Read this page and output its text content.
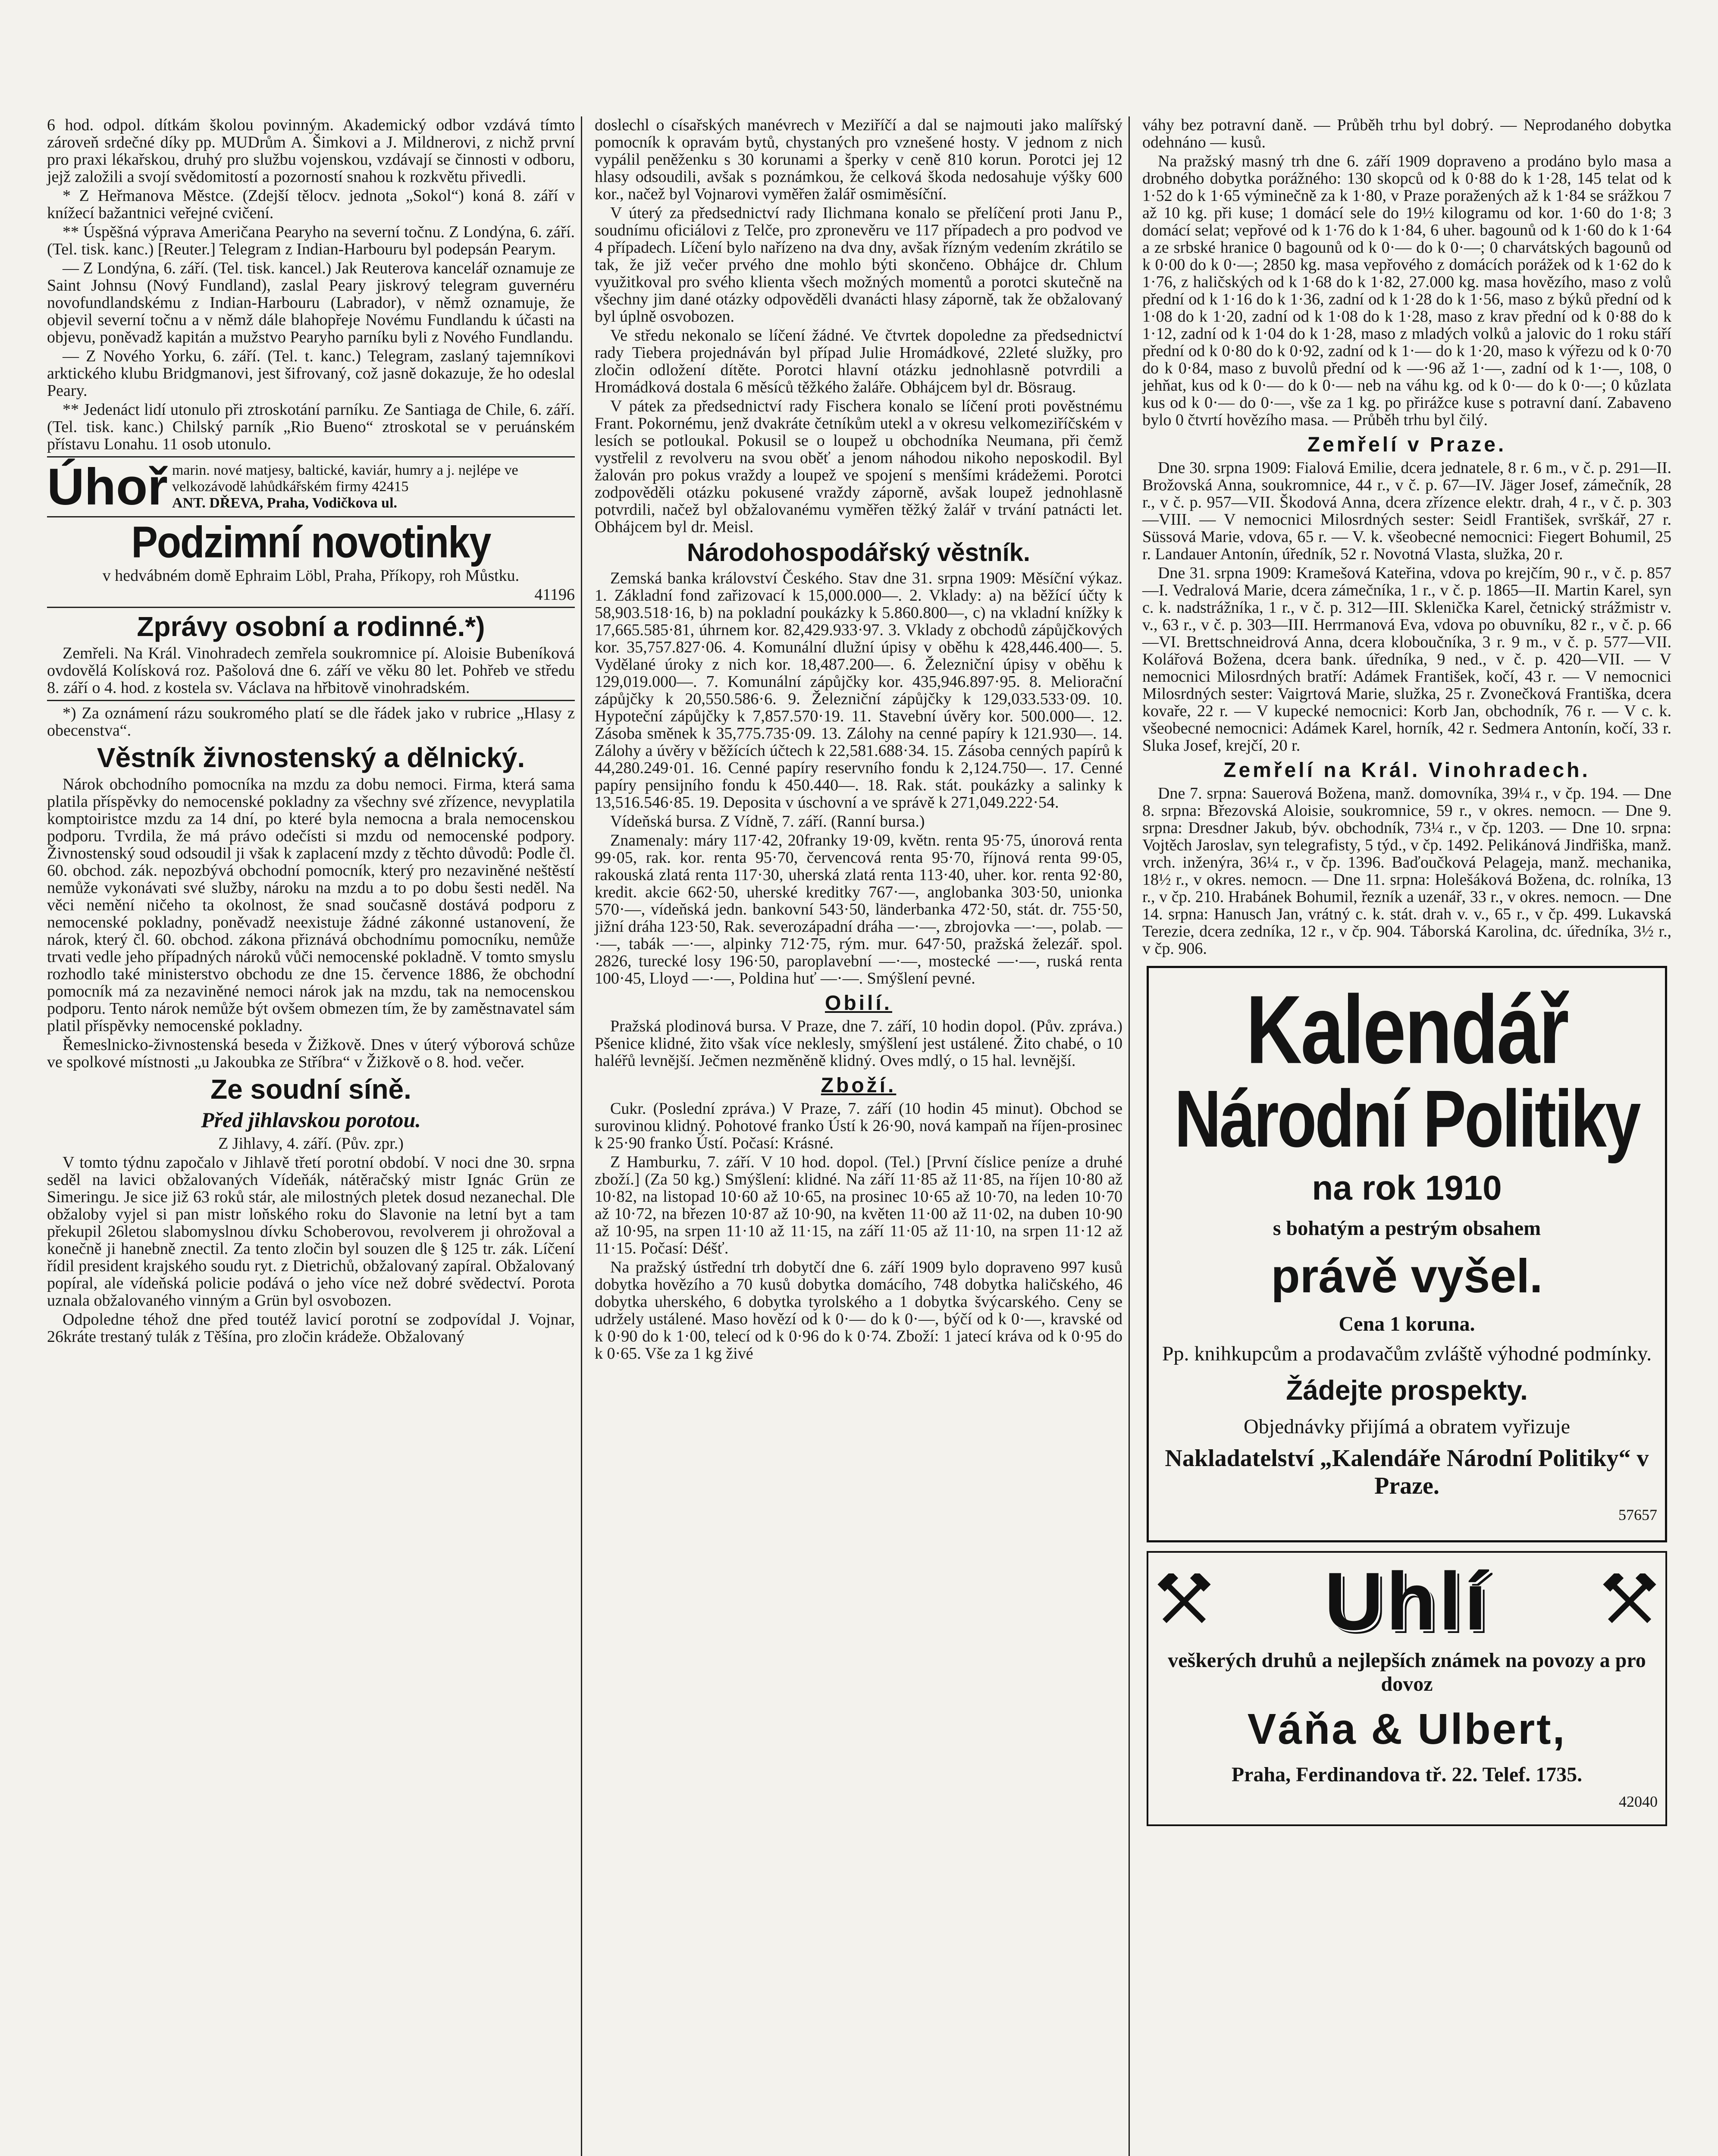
6 hod. odpol. dítkám školou povinným. Akademický odbor vzdává tímto zároveň srdečné díky pp. MUDrům A. Šimkovi a J. Mildnerovi, z nichž první pro praxi lékařskou, druhý pro službu vojenskou, vzdávají se činnosti v odboru, jejž založili a svojí svědomitostí a pozorností snahou k rozkvětu přivedli.

* Z Heřmanova Městce. (Zdejší tělocv. jednota „Sokol“) koná 8. září v knížecí bažantnici veřejné cvičení.

** Úspěšná výprava Američana Pearyho na severní točnu. Z Londýna, 6. září. (Tel. tisk. kanc.) [Reuter.] Telegram z Indian-Harbouru byl podepsán Pearym.

— Z Londýna, 6. září. (Tel. tisk. kancel.) Jak Reuterova kancelář oznamuje ze Saint Johnsu (Nový Fundland), zaslal Peary jiskrový telegram guvernéru novofundlandskému z Indian-Harbouru (Labrador), v němž oznamuje, že objevil severní točnu a v němž dále blahopřeje Novému Fundlandu k účasti na objevu, poněvadž kapitán a mužstvo Pearyho parníku byli z Nového Fundlandu.

— Z Nového Yorku, 6. září. (Tel. t. kanc.) Telegram, zaslaný tajemníkovi arktického klubu Bridgmanovi, jest šifrovaný, což jasně dokazuje, že ho odeslal Peary.

** Jedenáct lidí utonulo při ztroskotání parníku. Ze Santiaga de Chile, 6. září. (Tel. tisk. kanc.) Chilský parník „Rio Bueno“ ztroskotal se v peruánském přístavu Lonahu. 11 osob utonulo.

Úhoř marin. nové matjesy, baltické, kaviár, humry a j. nejlépe ve velkozávodě lahůdkářském firmy 42415
ANT. DŘEVA, Praha, Vodičkova ul.
Podzimní novotinky

v hedvábném domě Ephraim Löbl, Praha, Příkopy, roh Můstku.

41196

Zprávy osobní a rodinné.*)

Zemřeli. Na Král. Vinohradech zemřela soukromnice pí. Aloisie Bubeníková ovdovělá Kolísková roz. Pašolová dne 6. září ve věku 80 let. Pohřeb ve středu 8. září o 4. hod. z kostela sv. Václava na hřbitově vinohradském.

*) Za oznámení rázu soukromého platí se dle řádek jako v rubrice „Hlasy z obecenstva“.

Věstník živnostenský a dělnický.

Nárok obchodního pomocníka na mzdu za dobu nemoci. Firma, která sama platila příspěvky do nemocenské pokladny za všechny své zřízence, nevyplatila komptoiristce mzdu za 14 dní, po které byla nemocna a brala nemocenskou podporu. Tvrdila, že má právo odečísti si mzdu od nemocenské podpory. Živnostenský soud odsoudil ji však k zaplacení mzdy z těchto důvodů: Podle čl. 60. obchod. zák. nepozbývá obchodní pomocník, který pro nezaviněné neštěstí nemůže vykonávati své služby, nároku na mzdu a to po dobu šesti neděl. Na věci nemění ničeho ta okolnost, že snad současně dostává podporu z nemocenské pokladny, poněvadž neexistuje žádné zákonné ustanovení, že nárok, který čl. 60. obchod. zákona přiznává obchodnímu pomocníku, nemůže trvati vedle jeho případných nároků vůči nemocenské pokladně. V tomto smyslu rozhodlo také ministerstvo obchodu ze dne 15. července 1886, že obchodní pomocník má za nezaviněné nemoci nárok jak na mzdu, tak na nemocenskou podporu. Tento nárok nemůže být ovšem obmezen tím, že by zaměstnavatel sám platil příspěvky nemocenské pokladny.

Řemeslnicko-živnostenská beseda v Žižkově. Dnes v úterý výborová schůze ve spolkové místnosti „u Jakoubka ze Stříbra“ v Žižkově o 8. hod. večer.

Ze soudní síně.
Před jihlavskou porotou.

Z Jihlavy, 4. září. (Pův. zpr.)

V tomto týdnu započalo v Jihlavě třetí porotní období. V noci dne 30. srpna seděl na lavici obžalovaných Vídeňák, nátěračský mistr Ignác Grün ze Simeringu. Je sice již 63 roků stár, ale milostných pletek dosud nezanechal. Dle obžaloby vyjel si pan mistr loňského roku do Slavonie na letní byt a tam překupil 26letou slabomyslnou dívku Schoberovou, revolverem ji ohrožoval a konečně ji hanebně znectil. Za tento zločin byl souzen dle § 125 tr. zák. Líčení řídil president krajského soudu ryt. z Dietrichů, obžalovaný zapíral. Obžalovaný popíral, ale vídeňská policie podává o jeho více než dobré svědectví. Porota uznala obžalovaného vinným a Grün byl osvobozen.

Odpoledne téhož dne před toutéž lavicí porotní se zodpovídal J. Vojnar, 26kráte trestaný tulák z Těšína, pro zločin krádeže. Obžalovaný

doslechl o císařských manévrech v Meziříčí a dal se najmouti jako malířský pomocník k opravám bytů, chystaných pro vznešené hosty. V jednom z nich vypálil peněženku s 30 korunami a šperky v ceně 810 korun. Porotci jej 12 hlasy odsoudili, avšak s poznámkou, že celková škoda nedosahuje výšky 600 kor., načež byl Vojnarovi vyměřen žalář osmiměsíční.

V úterý za předsednictví rady Ilichmana konalo se přelíčení proti Janu P., soudnímu oficiálovi z Telče, pro zpronevěru ve 117 případech a pro podvod ve 4 případech. Líčení bylo nařízeno na dva dny, avšak řízným vedením zkrátilo se tak, že již večer prvého dne mohlo býti skončeno. Obhájce dr. Chlum využitkoval pro svého klienta všech možných momentů a porotci skutečně na všechny jim dané otázky odpověděli dvanácti hlasy záporně, tak že obžalovaný byl úplně osvobozen.

Ve středu nekonalo se líčení žádné. Ve čtvrtek dopoledne za předsednictví rady Tiebera projednáván byl případ Julie Hromádkové, 22leté služky, pro zločin odložení dítěte. Porotci hlavní otázku jednohlasně potvrdili a Hromádková dostala 6 měsíců těžkého žaláře. Obhájcem byl dr. Bösraug.

V pátek za předsednictví rady Fischera konalo se líčení proti pověstnému Frant. Pokornému, jenž dvakráte četníkům utekl a v okresu velkomeziříčském v lesích se potloukal. Pokusil se o loupež u obchodníka Neumana, při čemž vystřelil z revolveru na svou oběť a jenom náhodou nikoho neposkodil. Byl žalován pro pokus vraždy a loupež ve spojení s menšími krádežemi. Porotci zodpověděli otázku pokusené vraždy záporně, avšak loupež jednohlasně potvrdili, načež byl obžalovanému vyměřen těžký žalář v trvání patnácti let. Obhájcem byl dr. Meisl.

Národohospodářský věstník.

Zemská banka království Českého. Stav dne 31. srpna 1909: Měsíční výkaz. 1. Základní fond zařizovací k 15,000.000—. 2. Vklady: a) na běžící účty k 58,903.518·16, b) na pokladní poukázky k 5.860.800—, c) na vkladní knížky k 17,665.585·81, úhrnem kor. 82,429.933·97. 3. Vklady z obchodů zápůjčkových kor. 35,757.827·06. 4. Komunální dlužní úpisy v oběhu k 428,446.400—. 5. Vydělané úroky z nich kor. 18,487.200—. 6. Železniční úpisy v oběhu k 129,019.000—. 7. Komunální zápůjčky kor. 435,946.897·95. 8. Meliorační zápůjčky k 20,550.586·6. 9. Železniční zápůjčky k 129,033.533·09. 10. Hypoteční zápůjčky k 7,857.570·19. 11. Stavební úvěry kor. 500.000—. 12. Zásoba směnek k 35,775.735·09. 13. Zálohy na cenné papíry k 121.930—. 14. Zálohy a úvěry v běžících účtech k 22,581.688·34. 15. Zásoba cenných papírů k 44,280.249·01. 16. Cenné papíry reservního fondu k 2,124.750—. 17. Cenné papíry pensijního fondu k 450.440—. 18. Rak. stát. poukázky a salinky k 13,516.546·85. 19. Deposita v úschovní a ve správě k 271,049.222·54.

Vídeňská bursa. Z Vídně, 7. září. (Ranní bursa.)

Znamenaly: máry 117·42, 20franky 19·09, květn. renta 95·75, únorová renta 99·05, rak. kor. renta 95·70, červencová renta 95·70, říjnová renta 99·05, rakouská zlatá renta 117·30, uherská zlatá renta 113·40, uher. kor. renta 92·80, kredit. akcie 662·50, uherské kreditky 767·—, anglobanka 303·50, unionka 570·—, vídeňská jedn. bankovní 543·50, länderbanka 472·50, stát. dr. 755·50, jižní dráha 123·50, Rak. severozápadní dráha —·—, zbrojovka —·—, polab. —·—, tabák —·—, alpinky 712·75, rým. mur. 647·50, pražská železář. spol. 2826, turecké losy 196·50, paroplavební —·—, mostecké —·—, ruská renta 100·45, Lloyd —·—, Poldina huť —·—. Smýšlení pevné.

Obilí.

Pražská plodinová bursa. V Praze, dne 7. září, 10 hodin dopol. (Pův. zpráva.) Pšenice klidné, žito však více neklesly, smýšlení jest ustálené. Žito chabé, o 10 haléřů levnější. Ječmen nezměněně klidný. Oves mdlý, o 15 hal. levnější.

Zboží.

Cukr. (Poslední zpráva.) V Praze, 7. září (10 hodin 45 minut). Obchod se surovinou klidný. Pohotové franko Ústí k 26·90, nová kampaň na říjen-prosinec k 25·90 franko Ústí. Počasí: Krásné.

Z Hamburku, 7. září. V 10 hod. dopol. (Tel.) [První číslice peníze a druhé zboží.] (Za 50 kg.) Smýšlení: klidné. Na září 11·85 až 11·85, na říjen 10·80 až 10·82, na listopad 10·60 až 10·65, na prosinec 10·65 až 10·70, na leden 10·70 až 10·72, na březen 10·87 až 10·90, na květen 11·00 až 11·02, na duben 10·90 až 10·95, na srpen 11·10 až 11·15, na září 11·05 až 11·10, na srpen 11·12 až 11·15. Počasí: Déšť.

Na pražský ústřední trh dobytčí dne 6. září 1909 bylo dopraveno 997 kusů dobytka hovězího a 70 kusů dobytka domácího, 748 dobytka haličského, 46 dobytka uherského, 6 dobytka tyrolského a 1 dobytka švýcarského. Ceny se udržely ustálené. Maso hovězí od k 0·— do k 0·—, býčí od k 0·—, kravské od k 0·90 do k 1·00, telecí od k 0·96 do k 0·74. Zboží: 1 jatecí kráva od k 0·95 do k 0·65. Vše za 1 kg živé

váhy bez potravní daně. — Průběh trhu byl dobrý. — Neprodaného dobytka odehnáno — kusů.

Na pražský masný trh dne 6. září 1909 dopraveno a prodáno bylo masa a drobného dobytka porážného: 130 skopců od k 0·88 do k 1·28, 145 telat od k 1·52 do k 1·65 výminečně za k 1·80, v Praze poražených až k 1·84 se srážkou 7 až 10 kg. při kuse; 1 domácí sele do 19½ kilogramu od kor. 1·60 do 1·8; 3 domácí selat; vepřové od k 1·76 do k 1·84, 6 uher. bagounů od k 1·60 do k 1·64 a ze srbské hranice 0 bagounů od k 0·— do k 0·—; 0 charvátských bagounů od k 0·00 do k 0·—; 2850 kg. masa vepřového z domácích porážek od k 1·62 do k 1·76, z haličských od k 1·68 do k 1·82, 27.000 kg. masa hovězího, maso z volů přední od k 1·16 do k 1·36, zadní od k 1·28 do k 1·56, maso z býků přední od k 1·08 do k 1·20, zadní od k 1·08 do k 1·28, maso z krav přední od k 0·88 do k 1·12, zadní od k 1·04 do k 1·28, maso z mladých volků a jalovic do 1 roku stáří přední od k 0·80 do k 0·92, zadní od k 1·— do k 1·20, maso k výřezu od k 0·70 do k 0·84, maso z buvolů přední od k —·96 až 1·—, zadní od k 1·—, 108, 0 jehňat, kus od k 0·— do k 0·— neb na váhu kg. od k 0·— do k 0·—; 0 kůzlata kus od k 0·— do 0·—, vše za 1 kg. po přirážce kuse s potravní daní. Zabaveno bylo 0 čtvrtí hovězího masa. — Průběh trhu byl čilý.

Zemřelí v Praze.

Dne 30. srpna 1909: Fialová Emilie, dcera jednatele, 8 r. 6 m., v č. p. 291—II. Brožovská Anna, soukromnice, 44 r., v č. p. 67—IV. Jäger Josef, zámečník, 28 r., v č. p. 957—VII. Škodová Anna, dcera zřízence elektr. drah, 4 r., v č. p. 303—VIII. — V nemocnici Milosrdných sester: Seidl František, svrškář, 27 r. Süssová Marie, vdova, 65 r. — V. k. všeobecné nemocnici: Fiegert Bohumil, 25 r. Landauer Antonín, úředník, 52 r. Novotná Vlasta, služka, 20 r.

Dne 31. srpna 1909: Kramešová Kateřina, vdova po krejčím, 90 r., v č. p. 857—I. Vedralová Marie, dcera zámečníka, 1 r., v č. p. 1865—II. Martin Karel, syn c. k. nadstrážníka, 1 r., v č. p. 312—III. Sklenička Karel, četnický strážmistr v. v., 63 r., v č. p. 303—III. Herrmanová Eva, vdova po obuvníku, 82 r., v č. p. 66—VI. Brettschneidrová Anna, dcera kloboučníka, 3 r. 9 m., v č. p. 577—VII. Kolářová Božena, dcera bank. úředníka, 9 ned., v č. p. 420—VII. — V nemocnici Milosrdných bratří: Adámek František, kočí, 43 r. — V nemocnici Milosrdných sester: Vaigrtová Marie, služka, 25 r. Zvonečková Františka, dcera kovaře, 22 r. — V kupecké nemocnici: Korb Jan, obchodník, 76 r. — V c. k. všeobecné nemocnici: Adámek Karel, horník, 42 r. Sedmera Antonín, kočí, 33 r. Sluka Josef, krejčí, 20 r.

Zemřelí na Král. Vinohradech.

Dne 7. srpna: Sauerová Božena, manž. domovníka, 39¼ r., v čp. 194. — Dne 8. srpna: Březovská Aloisie, soukromnice, 59 r., v okres. nemocn. — Dne 9. srpna: Dresdner Jakub, býv. obchodník, 73¼ r., v čp. 1203. — Dne 10. srpna: Vojtěch Jaroslav, syn telegrafisty, 5 týd., v čp. 1492. Pelikánová Jindřiška, manž. vrch. inženýra, 36¼ r., v čp. 1396. Baďoučková Pelageja, manž. mechanika, 18½ r., v okres. nemocn. — Dne 11. srpna: Holešáková Božena, dc. rolníka, 13 r., v čp. 210. Hrabánek Bohumil, řezník a uzenář, 33 r., v okres. nemocn. — Dne 14. srpna: Hanusch Jan, vrátný c. k. stát. drah v. v., 65 r., v čp. 499. Lukavská Terezie, dcera zedníka, 12 r., v čp. 904. Táborská Karolina, dc. úředníka, 3½ r., v čp. 906.

Kalendář
Národní Politiky
na rok 1910
s bohatým a pestrým obsahem
právě vyšel.
Cena 1 koruna.
Pp. knihkupcům a prodavačům zvláště výhodné podmínky.
Žádejte prospekty.
Objednávky přijímá a obratem vyřizuje
Nakladatelství „Kalendáře Národní Politiky“ v Praze.
57657
Uhlí
veškerých druhů a nejlepších známek na povozy a pro dovoz
Váňa & Ulbert,
Praha, Ferdinandova tř. 22. Telef. 1735.
42040
